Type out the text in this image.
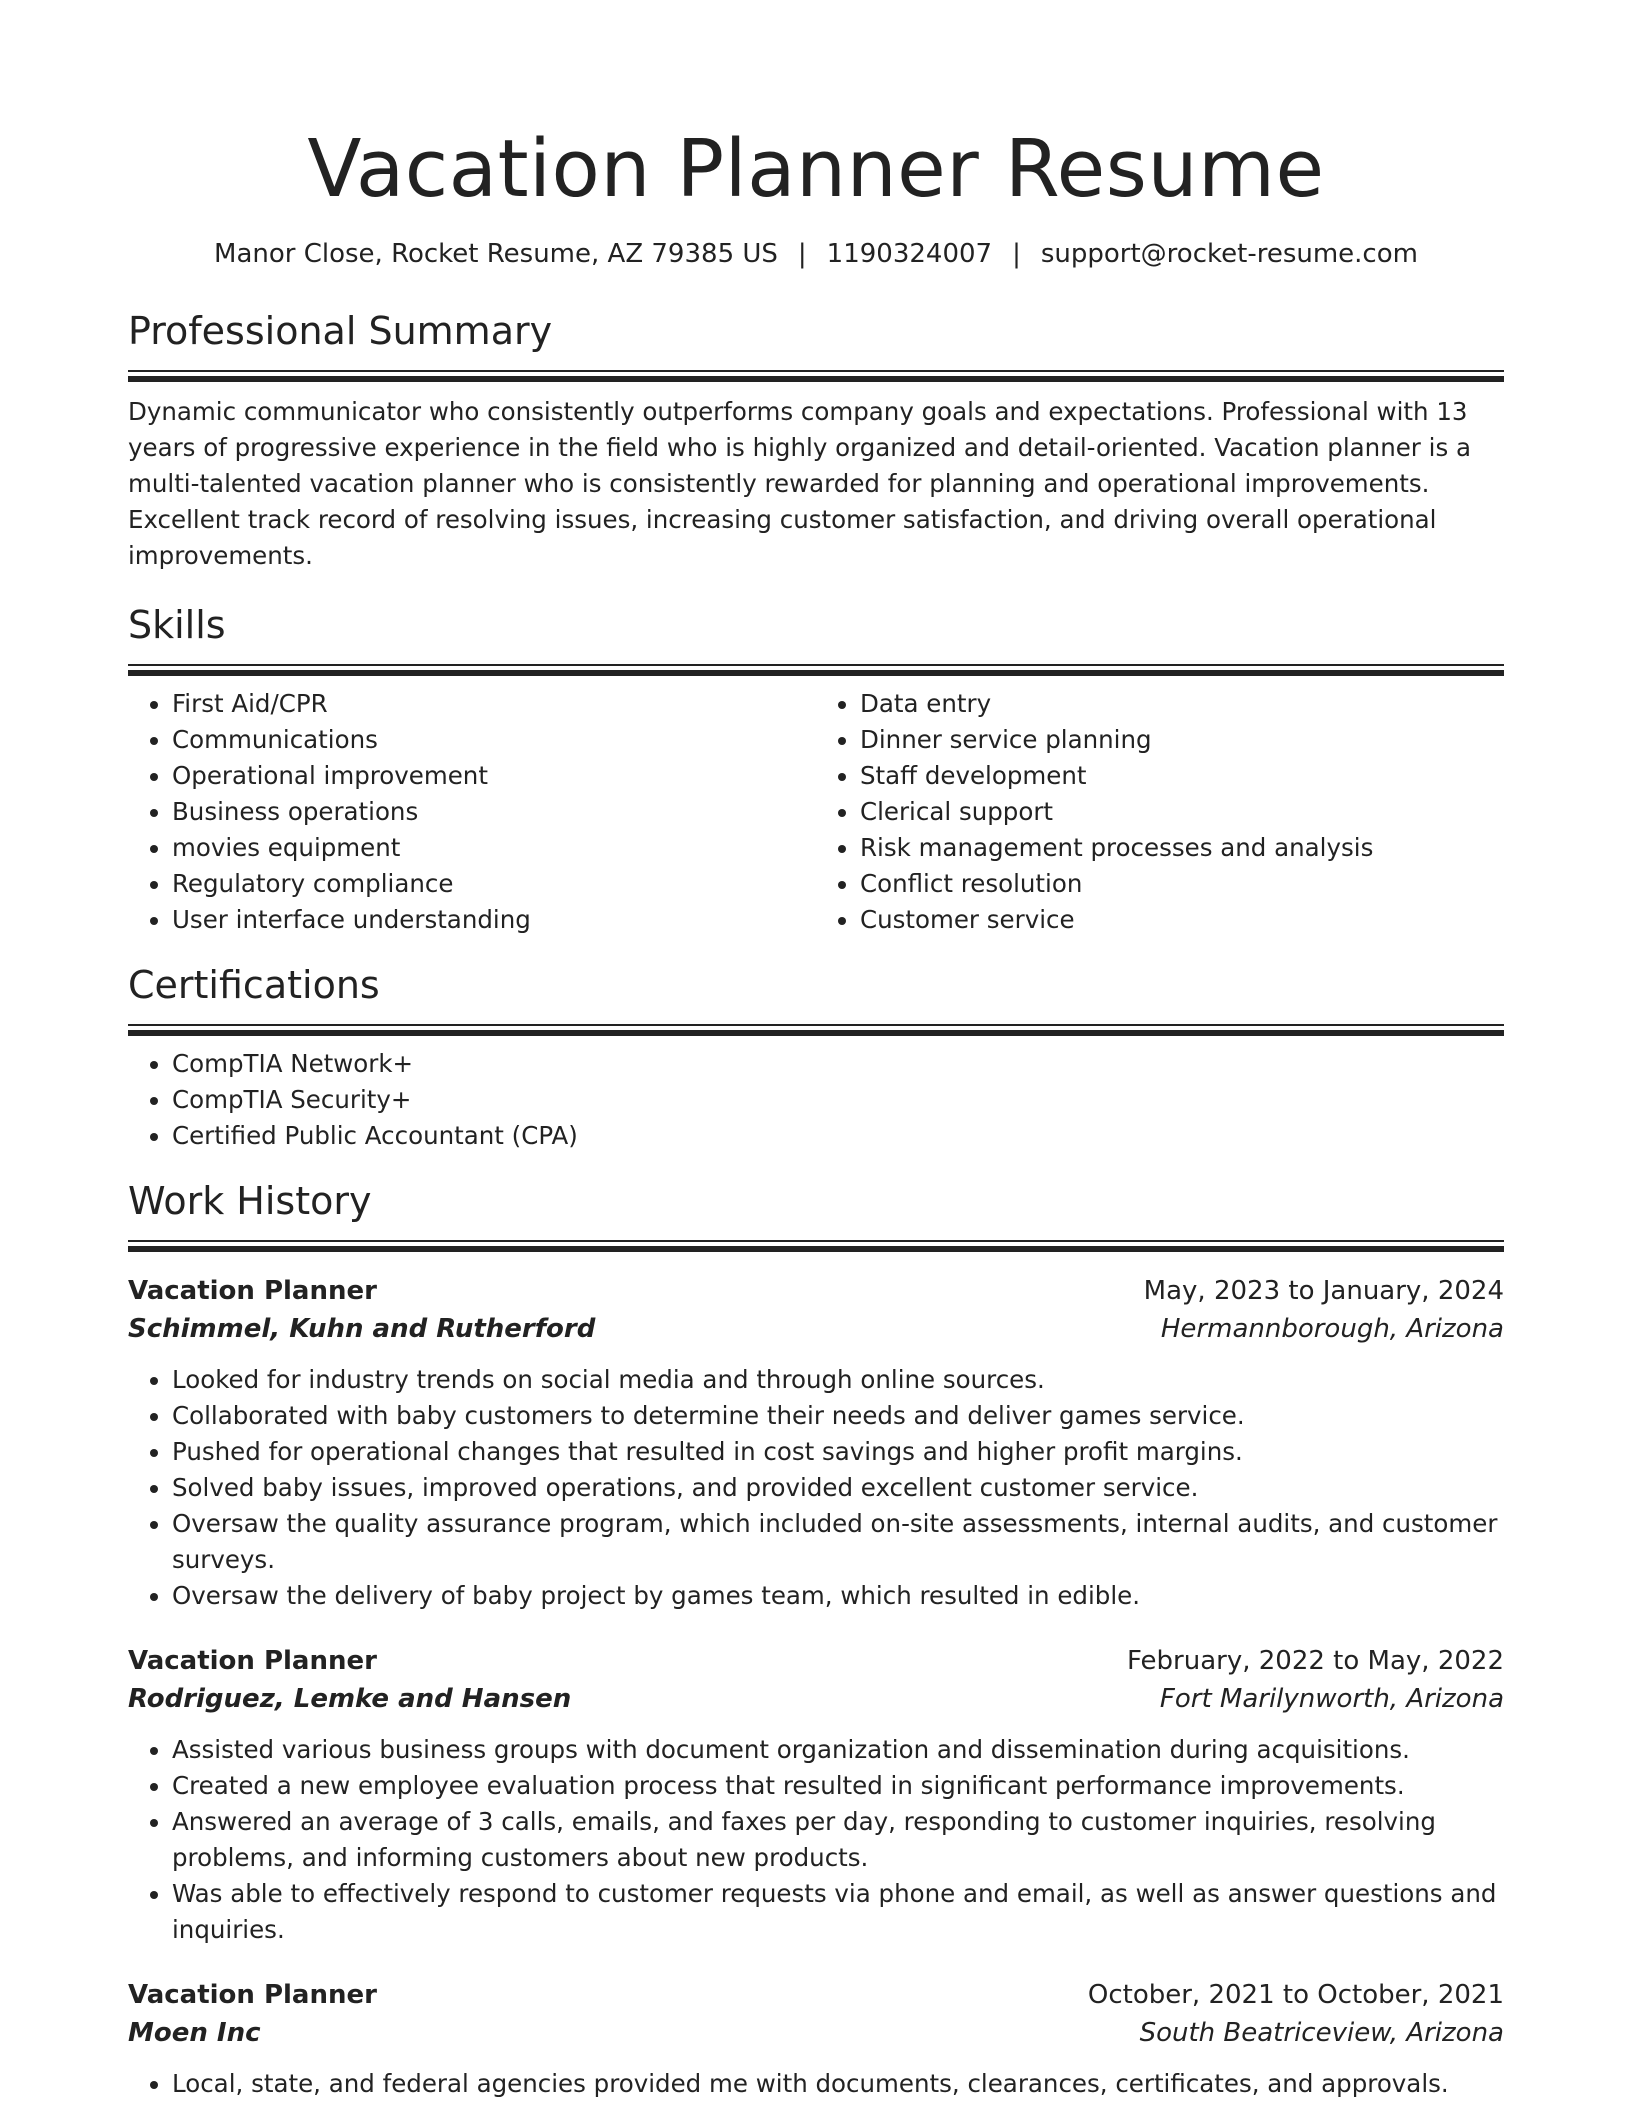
Vacation Planner Resume
Manor Close, Rocket Resume, AZ 79385 US | 1190324007 | support@rocket-resume.com
Professional Summary

Dynamic communicator who consistently outperforms company goals and expectations. Professional with 13 years of progressive experience in the field who is highly organized and detail-oriented. Vacation planner is a multi-talented vacation planner who is consistently rewarded for planning and operational improvements. Excellent track record of resolving issues, increasing customer satisfaction, and driving overall operational improvements.

Skills
• First Aid/CPR
• Communications
• Operational improvement
• Business operations
• movies equipment
• Regulatory compliance
• User interface understanding
• Data entry
• Dinner service planning
• Staff development
• Clerical support
• Risk management processes and analysis
• Conflict resolution
• Customer service
Certifications
• CompTIA Network+
• CompTIA Security+
• Certified Public Accountant (CPA)
Work History
Vacation Planner	May, 2023 to January, 2024
Schimmel, Kuhn and Rutherford	Hermannborough, Arizona
• Looked for industry trends on social media and through online sources.
• Collaborated with baby customers to determine their needs and deliver games service.
• Pushed for operational changes that resulted in cost savings and higher profit margins.
• Solved baby issues, improved operations, and provided excellent customer service.
• Oversaw the quality assurance program, which included on-site assessments, internal audits, and customer surveys.
• Oversaw the delivery of baby project by games team, which resulted in edible.
Vacation Planner	February, 2022 to May, 2022
Rodriguez, Lemke and Hansen	Fort Marilynworth, Arizona
• Assisted various business groups with document organization and dissemination during acquisitions.
• Created a new employee evaluation process that resulted in significant performance improvements.
• Answered an average of 3 calls, emails, and faxes per day, responding to customer inquiries, resolving problems, and informing customers about new products.
• Was able to effectively respond to customer requests via phone and email, as well as answer questions and inquiries.
Vacation Planner	October, 2021 to October, 2021
Moen Inc	South Beatriceview, Arizona
• Local, state, and federal agencies provided me with documents, clearances, certificates, and approvals.
